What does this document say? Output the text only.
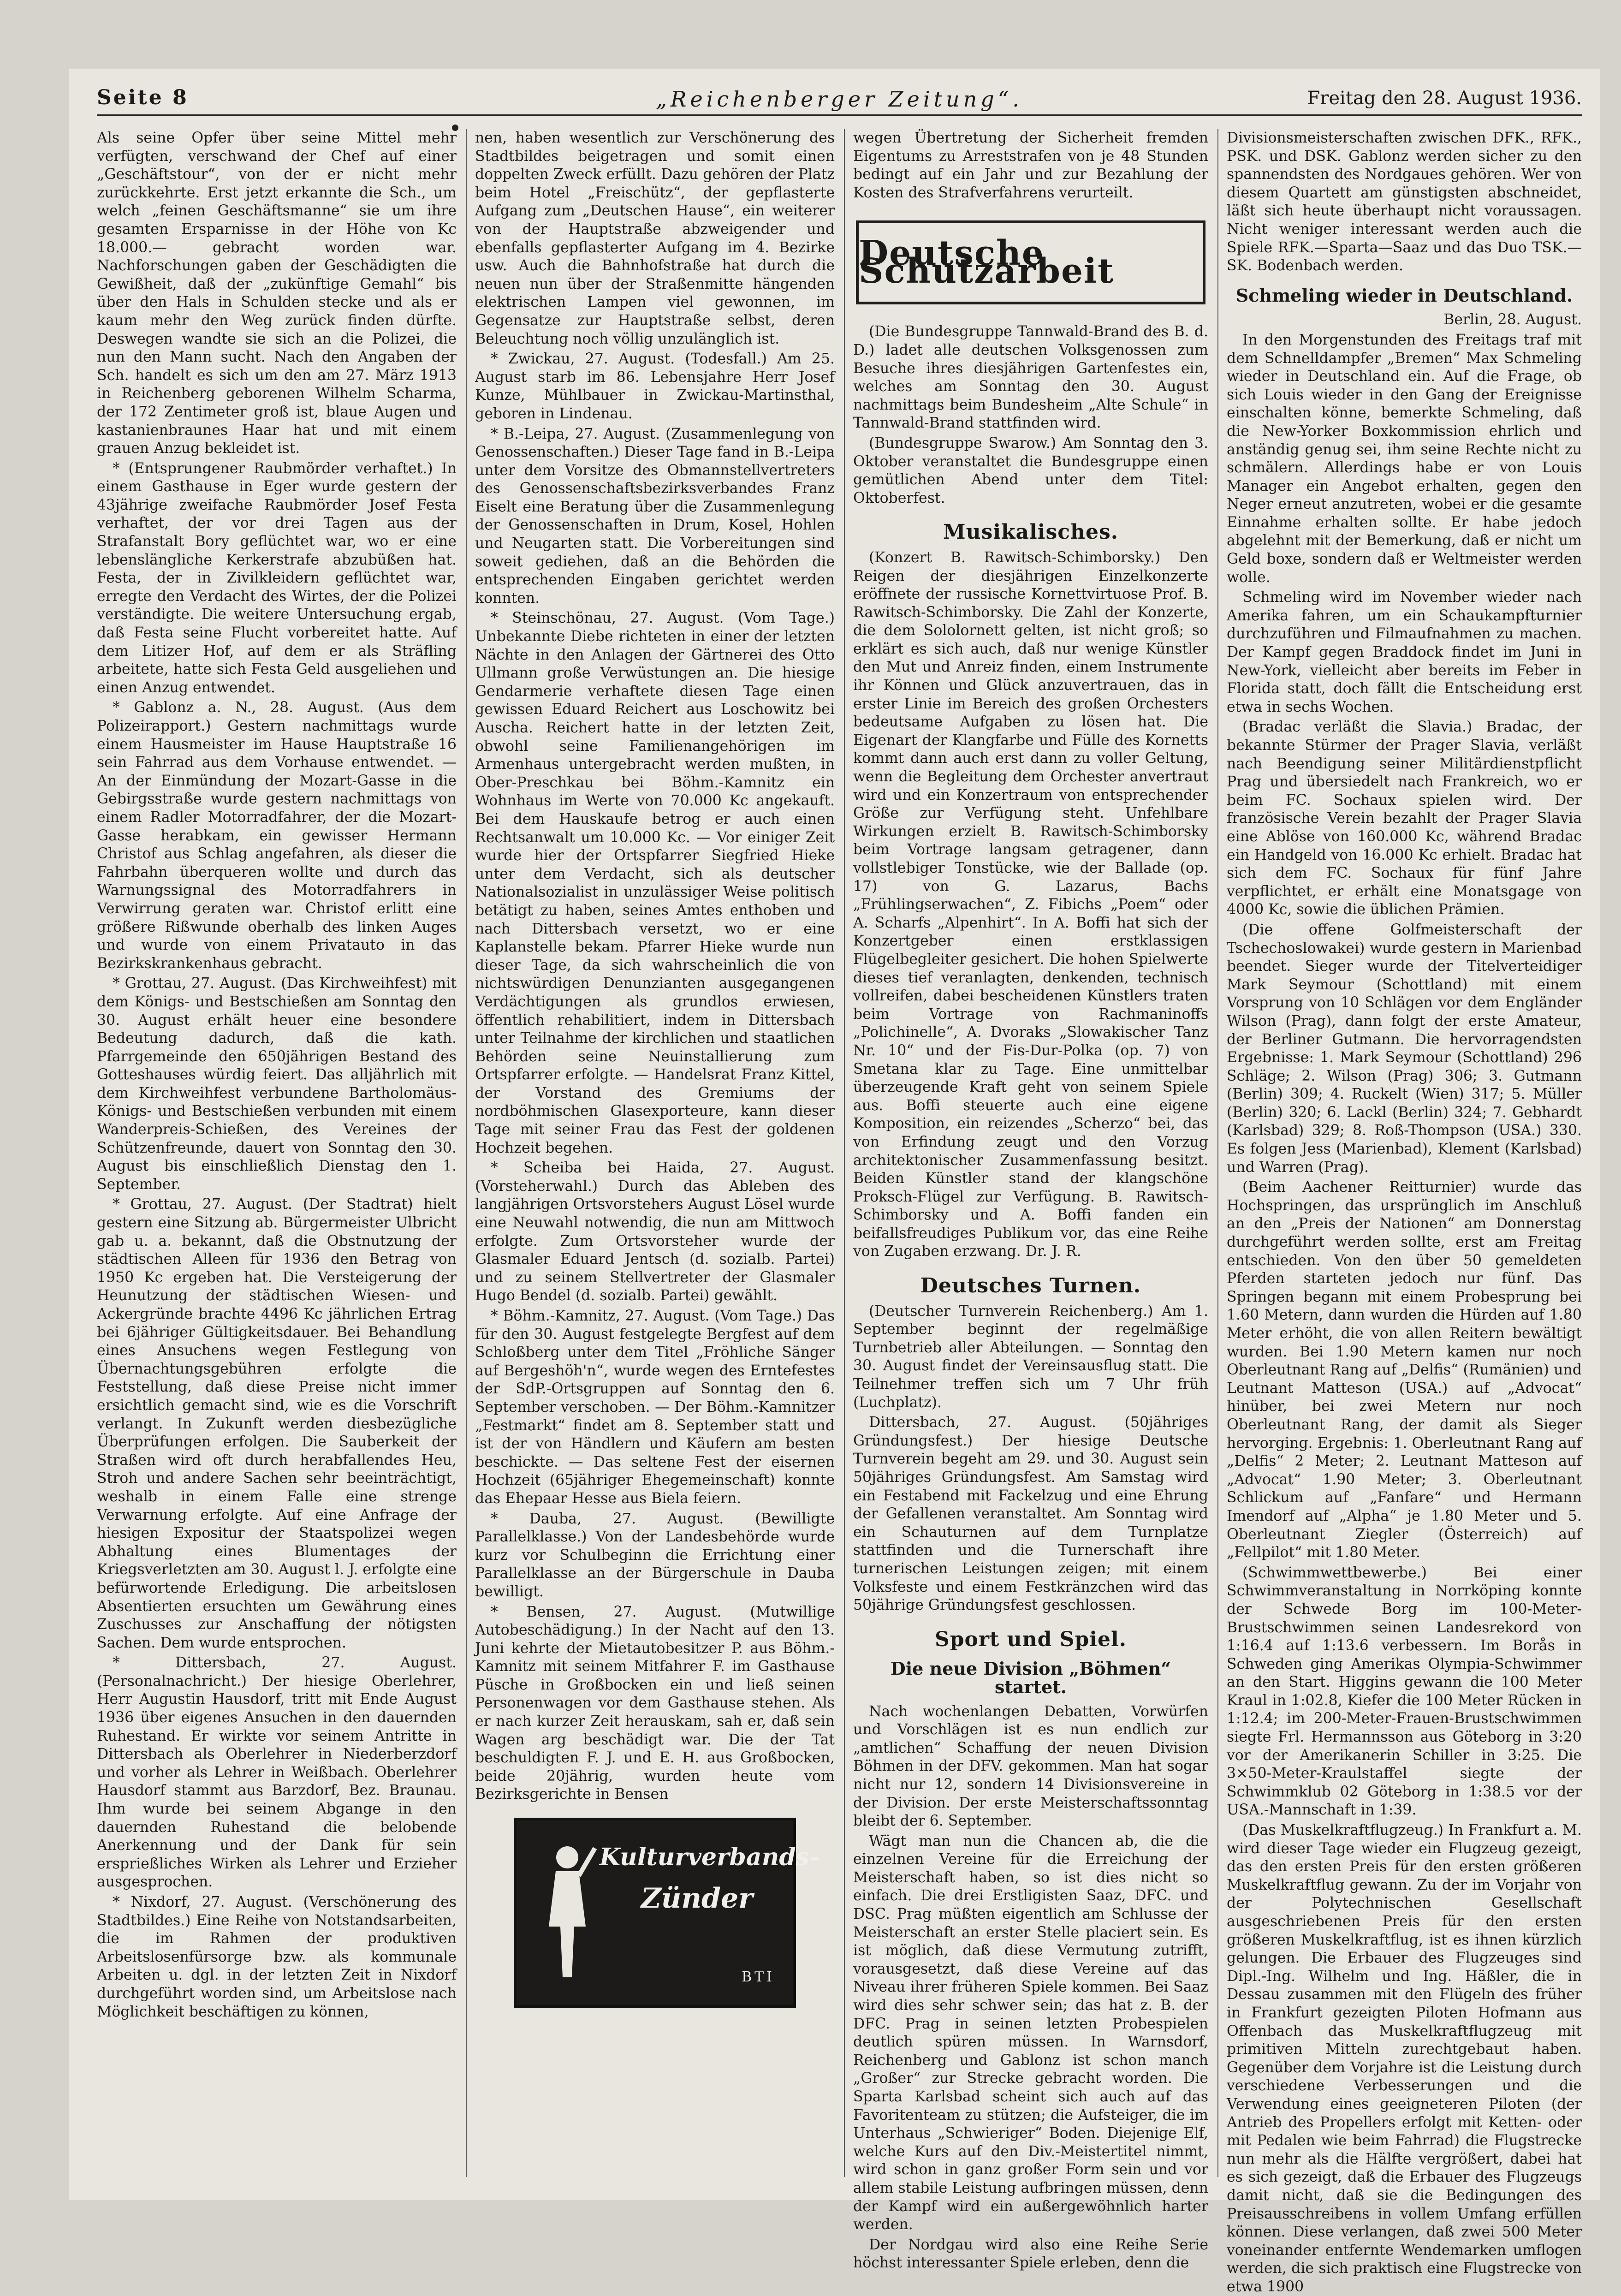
Seite 8	„Reichenberger Zeitung“.	Freitag den 28. August 1936.

Als seine Opfer über seine Mittel mehr verfügten, verschwand der Chef auf einer „Geschäftstour“, von der er nicht mehr zurückkehrte. Erst jetzt erkannte die Sch., um welch „feinen Geschäftsmanne“ sie um ihre gesamten Ersparnisse in der Höhe von Kc 18.000.— gebracht worden war. Nachforschungen gaben der Geschädigten die Gewißheit, daß der „zukünftige Gemahl“ bis über den Hals in Schulden stecke und als er kaum mehr den Weg zurück finden dürfte. Deswegen wandte sie sich an die Polizei, die nun den Mann sucht. Nach den Angaben der Sch. handelt es sich um den am 27. März 1913 in Reichenberg geborenen Wilhelm Scharma, der 172 Zentimeter groß ist, blaue Augen und kastanienbraunes Haar hat und mit einem grauen Anzug bekleidet ist.

* (Entsprungener Raubmörder verhaftet.) In einem Gasthause in Eger wurde gestern der 43jährige zweifache Raubmörder Josef Festa verhaftet, der vor drei Tagen aus der Strafanstalt Bory geflüchtet war, wo er eine lebenslängliche Kerkerstrafe abzubüßen hat. Festa, der in Zivilkleidern geflüchtet war, erregte den Verdacht des Wirtes, der die Polizei verständigte. Die weitere Untersuchung ergab, daß Festa seine Flucht vorbereitet hatte. Auf dem Litizer Hof, auf dem er als Sträfling arbeitete, hatte sich Festa Geld ausgeliehen und einen Anzug entwendet.

* Gablonz a. N., 28. August. (Aus dem Polizeirapport.) Gestern nachmittags wurde einem Hausmeister im Hause Hauptstraße 16 sein Fahrrad aus dem Vorhause entwendet. — An der Einmündung der Mozart-Gasse in die Gebirgsstraße wurde gestern nachmittags von einem Radler Motorradfahrer, der die Mozart-Gasse herabkam, ein gewisser Hermann Christof aus Schlag angefahren, als dieser die Fahrbahn überqueren wollte und durch das Warnungssignal des Motorradfahrers in Verwirrung geraten war. Christof erlitt eine größere Rißwunde oberhalb des linken Auges und wurde von einem Privatauto in das Bezirkskrankenhaus gebracht.

* Grottau, 27. August. (Das Kirchweihfest) mit dem Königs- und Bestschießen am Sonntag den 30. August erhält heuer eine besondere Bedeutung dadurch, daß die kath. Pfarrgemeinde den 650jährigen Bestand des Gotteshauses würdig feiert. Das alljährlich mit dem Kirchweihfest verbundene Bartholomäus-Königs- und Bestschießen verbunden mit einem Wanderpreis-Schießen, des Vereines der Schützenfreunde, dauert von Sonntag den 30. August bis einschließlich Dienstag den 1. September.

* Grottau, 27. August. (Der Stadtrat) hielt gestern eine Sitzung ab. Bürgermeister Ulbricht gab u. a. bekannt, daß die Obstnutzung der städtischen Alleen für 1936 den Betrag von 1950 Kc ergeben hat. Die Versteigerung der Heunutzung der städtischen Wiesen- und Ackergründe brachte 4496 Kc jährlichen Ertrag bei 6jähriger Gültigkeitsdauer. Bei Behandlung eines Ansuchens wegen Festlegung von Übernachtungsgebühren erfolgte die Feststellung, daß diese Preise nicht immer ersichtlich gemacht sind, wie es die Vorschrift verlangt. In Zukunft werden diesbezügliche Überprüfungen erfolgen. Die Sauberkeit der Straßen wird oft durch herabfallendes Heu, Stroh und andere Sachen sehr beeinträchtigt, weshalb in einem Falle eine strenge Verwarnung erfolgte. Auf eine Anfrage der hiesigen Expositur der Staatspolizei wegen Abhaltung eines Blumentages der Kriegsverletzten am 30. August l. J. erfolgte eine befürwortende Erledigung. Die arbeitslosen Absentierten ersuchten um Gewährung eines Zuschusses zur Anschaffung der nötigsten Sachen. Dem wurde entsprochen.

* Dittersbach, 27. August. (Personalnachricht.) Der hiesige Oberlehrer, Herr Augustin Hausdorf, tritt mit Ende August 1936 über eigenes Ansuchen in den dauernden Ruhestand. Er wirkte vor seinem Antritte in Dittersbach als Oberlehrer in Niederberzdorf und vorher als Lehrer in Weißbach. Oberlehrer Hausdorf stammt aus Barzdorf, Bez. Braunau. Ihm wurde bei seinem Abgange in den dauernden Ruhestand die belobende Anerkennung und der Dank für sein ersprießliches Wirken als Lehrer und Erzieher ausgesprochen.

* Nixdorf, 27. August. (Verschönerung des Stadtbildes.) Eine Reihe von Notstandsarbeiten, die im Rahmen der produktiven Arbeitslosenfürsorge bzw. als kommunale Arbeiten u. dgl. in der letzten Zeit in Nixdorf durchgeführt worden sind, um Arbeitslose nach Möglichkeit beschäftigen zu können,

nen, haben wesentlich zur Verschönerung des Stadtbildes beigetragen und somit einen doppelten Zweck erfüllt. Dazu gehören der Platz beim Hotel „Freischütz“, der gepflasterte Aufgang zum „Deutschen Hause“, ein weiterer von der Hauptstraße abzweigender und ebenfalls gepflasterter Aufgang im 4. Bezirke usw. Auch die Bahnhofstraße hat durch die neuen nun über der Straßenmitte hängenden elektrischen Lampen viel gewonnen, im Gegensatze zur Hauptstraße selbst, deren Beleuchtung noch völlig unzulänglich ist.

* Zwickau, 27. August. (Todesfall.) Am 25. August starb im 86. Lebensjahre Herr Josef Kunze, Mühlbauer in Zwickau-Martinsthal, geboren in Lindenau.

* B.-Leipa, 27. August. (Zusammenlegung von Genossenschaften.) Dieser Tage fand in B.-Leipa unter dem Vorsitze des Obmannstellvertreters des Genossenschaftsbezirksverbandes Franz Eiselt eine Beratung über die Zusammenlegung der Genossenschaften in Drum, Kosel, Hohlen und Neugarten statt. Die Vorbereitungen sind soweit gediehen, daß an die Behörden die entsprechenden Eingaben gerichtet werden konnten.

* Steinschönau, 27. August. (Vom Tage.) Unbekannte Diebe richteten in einer der letzten Nächte in den Anlagen der Gärtnerei des Otto Ullmann große Verwüstungen an. Die hiesige Gendarmerie verhaftete diesen Tage einen gewissen Eduard Reichert aus Loschowitz bei Auscha. Reichert hatte in der letzten Zeit, obwohl seine Familienangehörigen im Armenhaus untergebracht werden mußten, in Ober-Preschkau bei Böhm.-Kamnitz ein Wohnhaus im Werte von 70.000 Kc angekauft. Bei dem Hauskaufe betrog er auch einen Rechtsanwalt um 10.000 Kc. — Vor einiger Zeit wurde hier der Ortspfarrer Siegfried Hieke unter dem Verdacht, sich als deutscher Nationalsozialist in unzulässiger Weise politisch betätigt zu haben, seines Amtes enthoben und nach Dittersbach versetzt, wo er eine Kaplanstelle bekam. Pfarrer Hieke wurde nun dieser Tage, da sich wahrscheinlich die von nichtswürdigen Denunzianten ausgegangenen Verdächtigungen als grundlos erwiesen, öffentlich rehabilitiert, indem in Dittersbach unter Teilnahme der kirchlichen und staatlichen Behörden seine Neuinstallierung zum Ortspfarrer erfolgte. — Handelsrat Franz Kittel, der Vorstand des Gremiums der nordböhmischen Glasexporteure, kann dieser Tage mit seiner Frau das Fest der goldenen Hochzeit begehen.

* Scheiba bei Haida, 27. August. (Vorsteherwahl.) Durch das Ableben des langjährigen Ortsvorstehers August Lösel wurde eine Neuwahl notwendig, die nun am Mittwoch erfolgte. Zum Ortsvorsteher wurde der Glasmaler Eduard Jentsch (d. sozialb. Partei) und zu seinem Stellvertreter der Glasmaler Hugo Bendel (d. sozialb. Partei) gewählt.

* Böhm.-Kamnitz, 27. August. (Vom Tage.) Das für den 30. August festgelegte Bergfest auf dem Schloßberg unter dem Titel „Fröhliche Sänger auf Bergeshöh'n“, wurde wegen des Erntefestes der SdP.-Ortsgruppen auf Sonntag den 6. September verschoben. — Der Böhm.-Kamnitzer „Festmarkt“ findet am 8. September statt und ist der von Händlern und Käufern am besten beschickte. — Das seltene Fest der eisernen Hochzeit (65jähriger Ehegemeinschaft) konnte das Ehepaar Hesse aus Biela feiern.

* Dauba, 27. August. (Bewilligte Parallelklasse.) Von der Landesbehörde wurde kurz vor Schulbeginn die Errichtung einer Parallelklasse an der Bürgerschule in Dauba bewilligt.

* Bensen, 27. August. (Mutwillige Autobeschädigung.) In der Nacht auf den 13. Juni kehrte der Mietautobesitzer P. aus Böhm.-Kamnitz mit seinem Mitfahrer F. im Gasthause Püsche in Großbocken ein und ließ seinen Personenwagen vor dem Gasthause stehen. Als er nach kurzer Zeit herauskam, sah er, daß sein Wagen arg beschädigt war. Die der Tat beschuldigten F. J. und E. H. aus Großbocken, beide 20jährig, wurden heute vom Bezirksgerichte in Bensen

Kulturverbands-
Zünder
BTI

wegen Übertretung der Sicherheit fremden Eigentums zu Arreststrafen von je 48 Stunden bedingt auf ein Jahr und zur Bezahlung der Kosten des Strafverfahrens verurteilt.

Deutsche Schutzarbeit

(Die Bundesgruppe Tannwald-Brand des B. d. D.) ladet alle deutschen Volksgenossen zum Besuche ihres diesjährigen Gartenfestes ein, welches am Sonntag den 30. August nachmittags beim Bundesheim „Alte Schule“ in Tannwald-Brand stattfinden wird.

(Bundesgruppe Swarow.) Am Sonntag den 3. Oktober veranstaltet die Bundesgruppe einen gemütlichen Abend unter dem Titel: Oktoberfest.

Musikalisches.

(Konzert B. Rawitsch-Schimborsky.) Den Reigen der diesjährigen Einzelkonzerte eröffnete der russische Kornettvirtuose Prof. B. Rawitsch-Schimborsky. Die Zahl der Konzerte, die dem Sololornett gelten, ist nicht groß; so erklärt es sich auch, daß nur wenige Künstler den Mut und Anreiz finden, einem Instrumente ihr Können und Glück anzuvertrauen, das in erster Linie im Bereich des großen Orchesters bedeutsame Aufgaben zu lösen hat. Die Eigenart der Klangfarbe und Fülle des Kornetts kommt dann auch erst dann zu voller Geltung, wenn die Begleitung dem Orchester anvertraut wird und ein Konzertraum von entsprechender Größe zur Verfügung steht. Unfehlbare Wirkungen erzielt B. Rawitsch-Schimborsky beim Vortrage langsam getragener, dann vollstlebiger Tonstücke, wie der Ballade (op. 17) von G. Lazarus, Bachs „Frühlingserwachen“, Z. Fibichs „Poem“ oder A. Scharfs „Alpenhirt“. In A. Boffi hat sich der Konzertgeber einen erstklassigen Flügelbegleiter gesichert. Die hohen Spielwerte dieses tief veranlagten, denkenden, technisch vollreifen, dabei bescheidenen Künstlers traten beim Vortrage von Rachmaninoffs „Polichinelle“, A. Dvoraks „Slowakischer Tanz Nr. 10“ und der Fis-Dur-Polka (op. 7) von Smetana klar zu Tage. Eine unmittelbar überzeugende Kraft geht von seinem Spiele aus. Boffi steuerte auch eine eigene Komposition, ein reizendes „Scherzo“ bei, das von Erfindung zeugt und den Vorzug architektonischer Zusammenfassung besitzt. Beiden Künstler stand der klangschöne Proksch-Flügel zur Verfügung. B. Rawitsch-Schimborsky und A. Boffi fanden ein beifallsfreudiges Publikum vor, das eine Reihe von Zugaben erzwang. Dr. J. R.

Deutsches Turnen.

(Deutscher Turnverein Reichenberg.) Am 1. September beginnt der regelmäßige Turnbetrieb aller Abteilungen. — Sonntag den 30. August findet der Vereinsausflug statt. Die Teilnehmer treffen sich um 7 Uhr früh (Luchplatz).

Dittersbach, 27. August. (50jähriges Gründungsfest.) Der hiesige Deutsche Turnverein begeht am 29. und 30. August sein 50jähriges Gründungsfest. Am Samstag wird ein Festabend mit Fackelzug und eine Ehrung der Gefallenen veranstaltet. Am Sonntag wird ein Schauturnen auf dem Turnplatze stattfinden und die Turnerschaft ihre turnerischen Leistungen zeigen; mit einem Volksfeste und einem Festkränzchen wird das 50jährige Gründungsfest geschlossen.

Sport und Spiel.
Die neue Division „Böhmen“ startet.

Nach wochenlangen Debatten, Vorwürfen und Vorschlägen ist es nun endlich zur „amtlichen“ Schaffung der neuen Division Böhmen in der DFV. gekommen. Man hat sogar nicht nur 12, sondern 14 Divisionsvereine in der Division. Der erste Meisterschaftssonntag bleibt der 6. September.

Wägt man nun die Chancen ab, die die einzelnen Vereine für die Erreichung der Meisterschaft haben, so ist dies nicht so einfach. Die drei Erstligisten Saaz, DFC. und DSC. Prag müßten eigentlich am Schlusse der Meisterschaft an erster Stelle placiert sein. Es ist möglich, daß diese Vermutung zutrifft, vorausgesetzt, daß diese Vereine auf das Niveau ihrer früheren Spiele kommen. Bei Saaz wird dies sehr schwer sein; das hat z. B. der DFC. Prag in seinen letzten Probespielen deutlich spüren müssen. In Warnsdorf, Reichenberg und Gablonz ist schon manch „Großer“ zur Strecke gebracht worden. Die Sparta Karlsbad scheint sich auch auf das Favoritenteam zu stützen; die Aufsteiger, die im Unterhaus „Schwieriger“ Boden. Diejenige Elf, welche Kurs auf den Div.-Meistertitel nimmt, wird schon in ganz großer Form sein und vor allem stabile Leistung aufbringen müssen, denn der Kampf wird ein außergewöhnlich harter werden.

Der Nordgau wird also eine Reihe Serie höchst interessanter Spiele erleben, denn die

Divisionsmeisterschaften zwischen DFK., RFK., PSK. und DSK. Gablonz werden sicher zu den spannendsten des Nordgaues gehören. Wer von diesem Quartett am günstigsten abschneidet, läßt sich heute überhaupt nicht voraussagen. Nicht weniger interessant werden auch die Spiele RFK.—Sparta—Saaz und das Duo TSK.—SK. Bodenbach werden.

Schmeling wieder in Deutschland.

Berlin, 28. August.

In den Morgenstunden des Freitags traf mit dem Schnelldampfer „Bremen“ Max Schmeling wieder in Deutschland ein. Auf die Frage, ob sich Louis wieder in den Gang der Ereignisse einschalten könne, bemerkte Schmeling, daß die New-Yorker Boxkommission ehrlich und anständig genug sei, ihm seine Rechte nicht zu schmälern. Allerdings habe er von Louis Manager ein Angebot erhalten, gegen den Neger erneut anzutreten, wobei er die gesamte Einnahme erhalten sollte. Er habe jedoch abgelehnt mit der Bemerkung, daß er nicht um Geld boxe, sondern daß er Weltmeister werden wolle.

Schmeling wird im November wieder nach Amerika fahren, um ein Schaukampfturnier durchzuführen und Filmaufnahmen zu machen. Der Kampf gegen Braddock findet im Juni in New-York, vielleicht aber bereits im Feber in Florida statt, doch fällt die Entscheidung erst etwa in sechs Wochen.

(Bradac verläßt die Slavia.) Bradac, der bekannte Stürmer der Prager Slavia, verläßt nach Beendigung seiner Militärdienstpflicht Prag und übersiedelt nach Frankreich, wo er beim FC. Sochaux spielen wird. Der französische Verein bezahlt der Prager Slavia eine Ablöse von 160.000 Kc, während Bradac ein Handgeld von 16.000 Kc erhielt. Bradac hat sich dem FC. Sochaux für fünf Jahre verpflichtet, er erhält eine Monatsgage von 4000 Kc, sowie die üblichen Prämien.

(Die offene Golfmeisterschaft der Tschechoslowakei) wurde gestern in Marienbad beendet. Sieger wurde der Titelverteidiger Mark Seymour (Schottland) mit einem Vorsprung von 10 Schlägen vor dem Engländer Wilson (Prag), dann folgt der erste Amateur, der Berliner Gutmann. Die hervorragendsten Ergebnisse: 1. Mark Seymour (Schottland) 296 Schläge; 2. Wilson (Prag) 306; 3. Gutmann (Berlin) 309; 4. Ruckelt (Wien) 317; 5. Müller (Berlin) 320; 6. Lackl (Berlin) 324; 7. Gebhardt (Karlsbad) 329; 8. Roß-Thompson (USA.) 330. Es folgen Jess (Marienbad), Klement (Karlsbad) und Warren (Prag).

(Beim Aachener Reitturnier) wurde das Hochspringen, das ursprünglich im Anschluß an den „Preis der Nationen“ am Donnerstag durchgeführt werden sollte, erst am Freitag entschieden. Von den über 50 gemeldeten Pferden starteten jedoch nur fünf. Das Springen begann mit einem Probesprung bei 1.60 Metern, dann wurden die Hürden auf 1.80 Meter erhöht, die von allen Reitern bewältigt wurden. Bei 1.90 Metern kamen nur noch Oberleutnant Rang auf „Delfis“ (Rumänien) und Leutnant Matteson (USA.) auf „Advocat“ hinüber, bei zwei Metern nur noch Oberleutnant Rang, der damit als Sieger hervorging. Ergebnis: 1. Oberleutnant Rang auf „Delfis“ 2 Meter; 2. Leutnant Matteson auf „Advocat“ 1.90 Meter; 3. Oberleutnant Schlickum auf „Fanfare“ und Hermann Imendorf auf „Alpha“ je 1.80 Meter und 5. Oberleutnant Ziegler (Österreich) auf „Fellpilot“ mit 1.80 Meter.

(Schwimmwettbewerbe.) Bei einer Schwimmveranstaltung in Norrköping konnte der Schwede Borg im 100-Meter-Brustschwimmen seinen Landesrekord von 1:16.4 auf 1:13.6 verbessern. Im Borås in Schweden ging Amerikas Olympia-Schwimmer an den Start. Higgins gewann die 100 Meter Kraul in 1:02.8, Kiefer die 100 Meter Rücken in 1:12.4; im 200-Meter-Frauen-Brustschwimmen siegte Frl. Hermannsson aus Göteborg in 3:20 vor der Amerikanerin Schiller in 3:25. Die 3×50-Meter-Kraulstaffel siegte der Schwimmklub 02 Göteborg in 1:38.5 vor der USA.-Mannschaft in 1:39.

(Das Muskelkraftflugzeug.) In Frankfurt a. M. wird dieser Tage wieder ein Flugzeug gezeigt, das den ersten Preis für den ersten größeren Muskelkraftflug gewann. Zu der im Vorjahr von der Polytechnischen Gesellschaft ausgeschriebenen Preis für den ersten größeren Muskelkraftflug, ist es ihnen kürzlich gelungen. Die Erbauer des Flugzeuges sind Dipl.-Ing. Wilhelm und Ing. Häßler, die in Dessau zusammen mit den Flügeln des früher in Frankfurt gezeigten Piloten Hofmann aus Offenbach das Muskelkraftflugzeug mit primitiven Mitteln zurechtgebaut haben. Gegenüber dem Vorjahre ist die Leistung durch verschiedene Verbesserungen und die Verwendung eines geeigneteren Piloten (der Antrieb des Propellers erfolgt mit Ketten- oder mit Pedalen wie beim Fahrrad) die Flugstrecke nun mehr als die Hälfte vergrößert, dabei hat es sich gezeigt, daß die Erbauer des Flugzeugs damit nicht, daß sie die Bedingungen des Preisausschreibens in vollem Umfang erfüllen können. Diese verlangen, daß zwei 500 Meter voneinander entfernte Wendemarken umflogen werden, die sich praktisch eine Flugstrecke von etwa 1900
